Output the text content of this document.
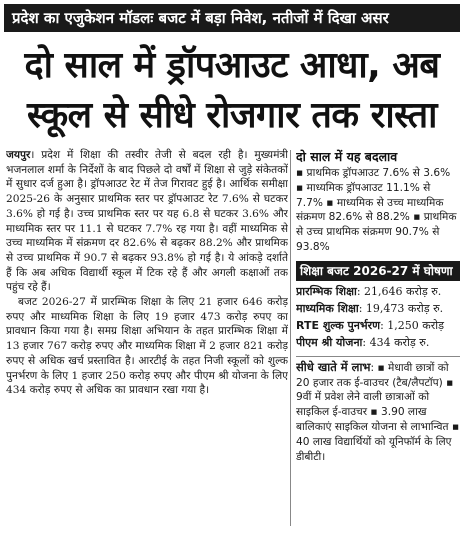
प्रदेश का एजुकेशन मॉडलः बजट में बड़ा निवेश, नतीजों में दिखा असर
दो साल में ड्रॉपआउट आधा, अब
स्कूल से सीधे रोजगार तक रास्ता

जयपुर। प्रदेश में शिक्षा की तस्वीर तेजी से बदल रही है। मुख्यमंत्री भजनलाल शर्मा के निर्देशों के बाद पिछले दो वर्षों में शिक्षा से जुड़े संकेतकों में सुधार दर्ज हुआ है। ड्रॉपआउट रेट में तेज गिरावट हुई है। आर्थिक समीक्षा 2025-26 के अनुसार प्राथमिक स्तर पर ड्रॉपआउट रेट 7.6% से घटकर 3.6% हो गई है। उच्च प्राथमिक स्तर पर यह 6.8 से घटकर 3.6% और माध्यमिक स्तर पर 11.1 से घटकर 7.7% रह गया है। वहीं माध्यमिक से उच्च माध्यमिक में संक्रमण दर 82.6% से बढ़कर 88.2% और प्राथमिक से उच्च प्राथमिक में 90.7 से बढ़कर 93.8% हो गई है। ये आंकड़े दर्शाते हैं कि अब अधिक विद्यार्थी स्कूल में टिक रहे हैं और अगली कक्षाओं तक पहुंच रहे हैं।

बजट 2026-27 में प्रारम्भिक शिक्षा के लिए 21 हजार 646 करोड़ रुपए और माध्यमिक शिक्षा के लिए 19 हजार 473 करोड़ रुपए का प्रावधान किया गया है। समग्र शिक्षा अभियान के तहत प्रारम्भिक शिक्षा में 13 हजार 767 करोड़ रुपए और माध्यमिक शिक्षा में 2 हजार 821 करोड़ रुपए से अधिक खर्च प्रस्तावित है। आरटीई के तहत निजी स्कूलों को शुल्क पुनर्भरण के लिए 1 हजार 250 करोड़ रुपए और पीएम श्री योजना के लिए 434 करोड़ रुपए से अधिक का प्रावधान रखा गया है।

दो साल में यह बदलाव
▪ प्राथमिक ड्रॉपआउट 7.6% से 3.6% ▪ माध्यमिक ड्रॉपआउट 11.1% से 7.7% ▪ माध्यमिक से उच्च माध्यमिक संक्रमण 82.6% से 88.2% ▪ प्राथमिक से उच्च प्राथमिक संक्रमण 90.7% से 93.8%
शिक्षा बजट 2026-27 में घोषणा
प्रारम्भिक शिक्षा: 21,646 करोड़ रु.
माध्यमिक शिक्षा: 19,473 करोड़ रु.
RTE शुल्क पुनर्भरण: 1,250 करोड़
पीएम श्री योजना: 434 करोड़ रु.
सीधे खाते में लाभ: ▪ मेधावी छात्रों को 20 हजार तक ई-वाउचर (टैब/लैपटॉप) ▪ 9वीं में प्रवेश लेने वाली छात्राओं को साइकिल ई-वाउचर ▪ 3.90 लाख बालिकाएं साइकिल योजना से लाभान्वित ▪ 40 लाख विद्यार्थियों को यूनिफॉर्म के लिए डीबीटी।
